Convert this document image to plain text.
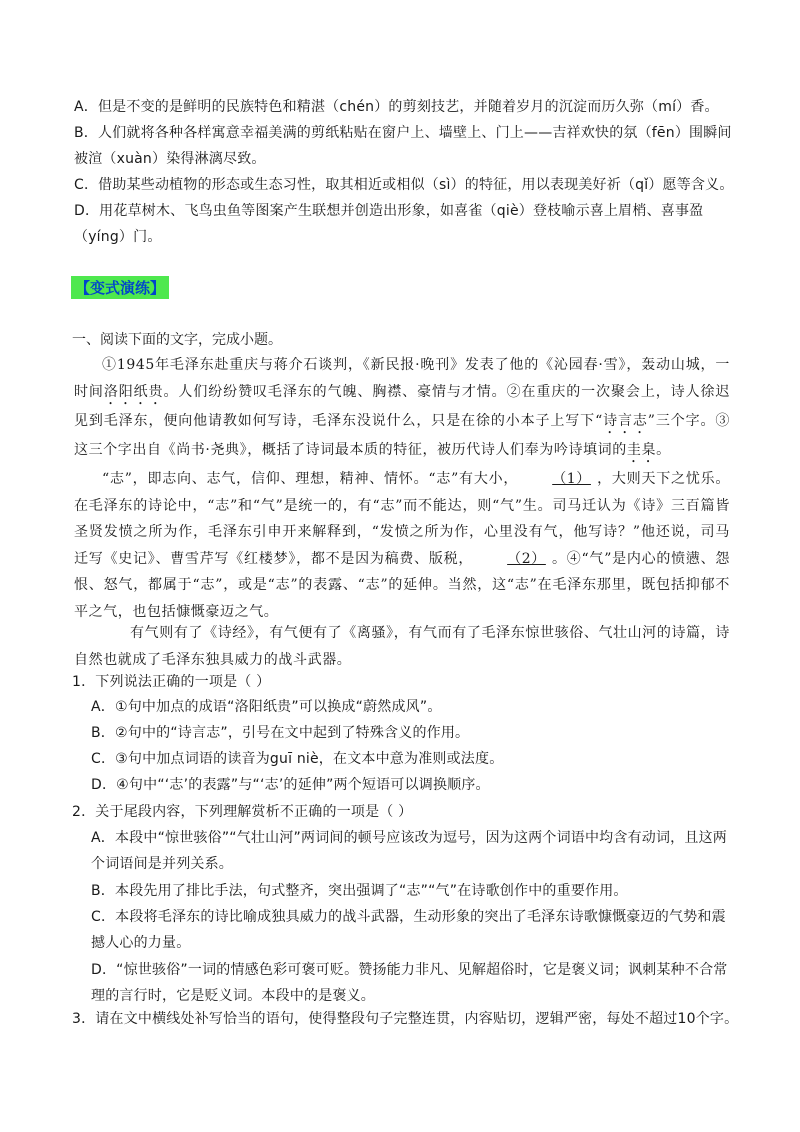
A．但是不变的是鲜明的民族特色和精湛（chén）的剪刻技艺，并随着岁月的沉淀而历久弥（mí）香。

B．人们就将各种各样寓意幸福美满的剪纸粘贴在窗户上、墙壁上、门上——吉祥欢快的氛（fēn）围瞬间被渲（xuàn）染得淋漓尽致。

C．借助某些动植物的形态或生态习性，取其相近或相似（sì）的特征，用以表现美好祈（qǐ）愿等含义。

D．用花草树木、飞鸟虫鱼等图案产生联想并创造出形象，如喜雀（qiè）登枝喻示喜上眉梢、喜事盈（yíng）门。

【变式演练】

一、阅读下面的文字，完成小题。

①1945年毛泽东赴重庆与蒋介石谈判，《新民报·晚刊》发表了他的《沁园春·雪》，轰动山城，一时间洛阳纸贵。人们纷纷赞叹毛泽东的气魄、胸襟、豪情与才情。②在重庆的一次聚会上，诗人徐迟见到毛泽东，便向他请教如何写诗，毛泽东没说什么，只是在徐的小本子上写下“诗言志”三个字。③这三个字出自《尚书·尧典》，概括了诗词最本质的特征，被历代诗人们奉为吟诗填词的圭臬。

“志”，即志向、志气，信仰、理想，精神、情怀。“志”有大小， （1） ，大则天下之忧乐。在毛泽东的诗论中，“志”和“气”是统一的，有“志”而不能达，则“气”生。司马迁认为《诗》三百篇皆圣贤发愤之所为作，毛泽东引申开来解释到，“发愤之所为作，心里没有气，他写诗？”他还说，司马迁写《史记》、曹雪芹写《红楼梦》，都不是因为稿费、版税， （2） 。④“气”是内心的愤懑、怨恨、怒气，都属于“志”，或是“志”的表露、“志”的延伸。当然，这“志”在毛泽东那里，既包括抑郁不平之气，也包括慷慨豪迈之气。

有气则有了《诗经》，有气便有了《离骚》，有气而有了毛泽东惊世骇俗、气壮山河的诗篇，诗自然也就成了毛泽东独具威力的战斗武器。

1．下列说法正确的一项是（ ）

A．①句中加点的成语“洛阳纸贵”可以换成“蔚然成风”。

B．②句中的“诗言志”，引号在文中起到了特殊含义的作用。

C．③句中加点词语的读音为guī niè，在文本中意为准则或法度。

D．④句中“‘志’的表露”与“‘志’的延伸”两个短语可以调换顺序。

2．关于尾段内容，下列理解赏析不正确的一项是（ ）

A．本段中“惊世骇俗”“气壮山河”两词间的顿号应该改为逗号，因为这两个词语中均含有动词，且这两个词语间是并列关系。

B．本段先用了排比手法，句式整齐，突出强调了“志”“气”在诗歌创作中的重要作用。

C．本段将毛泽东的诗比喻成独具威力的战斗武器，生动形象的突出了毛泽东诗歌慷慨豪迈的气势和震撼人心的力量。

D．“惊世骇俗”一词的情感色彩可褒可贬。赞扬能力非凡、见解超俗时，它是褒义词；讽刺某种不合常理的言行时，它是贬义词。本段中的是褒义。

3．请在文中横线处补写恰当的语句，使得整段句子完整连贯，内容贴切，逻辑严密，每处不超过10个字。
